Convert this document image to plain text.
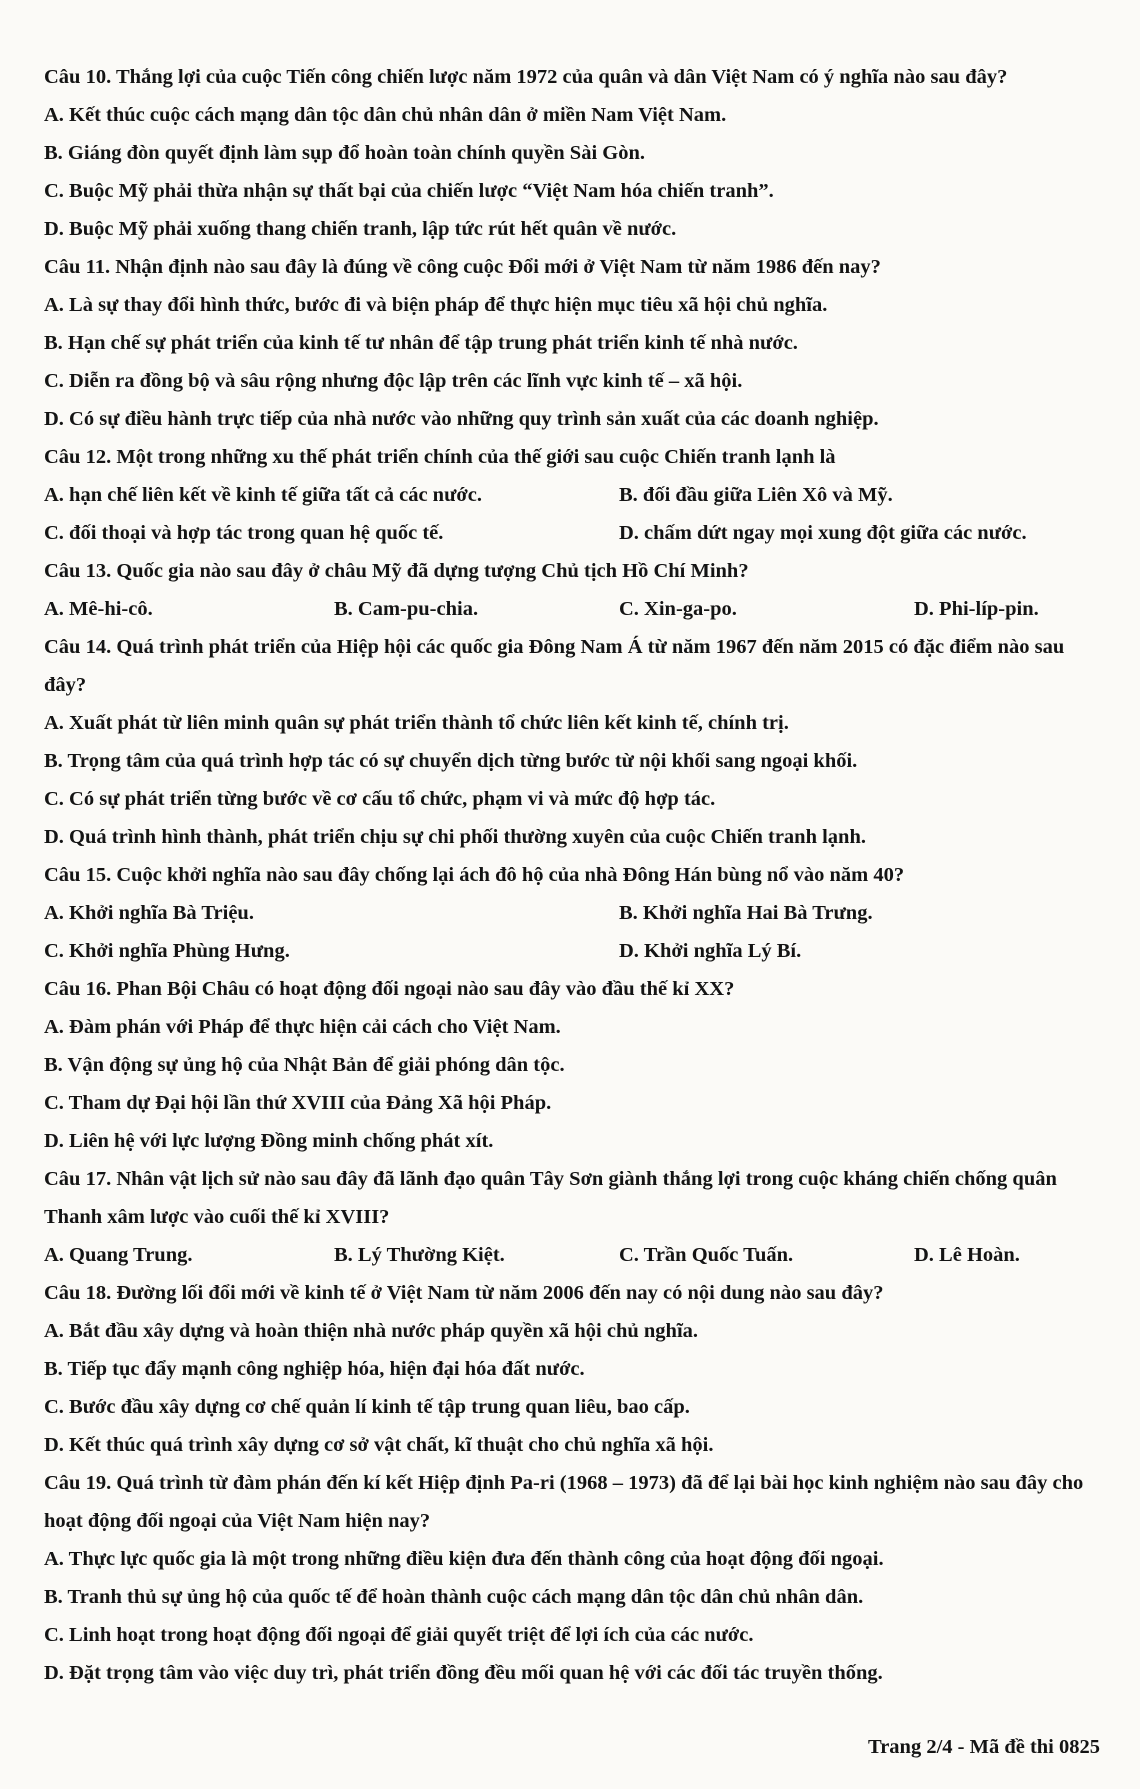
Câu 10. Thắng lợi của cuộc Tiến công chiến lược năm 1972 của quân và dân Việt Nam có ý nghĩa nào sau đây?
A. Kết thúc cuộc cách mạng dân tộc dân chủ nhân dân ở miền Nam Việt Nam.
B. Giáng đòn quyết định làm sụp đổ hoàn toàn chính quyền Sài Gòn.
C. Buộc Mỹ phải thừa nhận sự thất bại của chiến lược “Việt Nam hóa chiến tranh”.
D. Buộc Mỹ phải xuống thang chiến tranh, lập tức rút hết quân về nước.
Câu 11. Nhận định nào sau đây là đúng về công cuộc Đổi mới ở Việt Nam từ năm 1986 đến nay?
A. Là sự thay đổi hình thức, bước đi và biện pháp để thực hiện mục tiêu xã hội chủ nghĩa.
B. Hạn chế sự phát triển của kinh tế tư nhân để tập trung phát triển kinh tế nhà nước.
C. Diễn ra đồng bộ và sâu rộng nhưng độc lập trên các lĩnh vực kinh tế – xã hội.
D. Có sự điều hành trực tiếp của nhà nước vào những quy trình sản xuất của các doanh nghiệp.
Câu 12. Một trong những xu thế phát triển chính của thế giới sau cuộc Chiến tranh lạnh là
A. hạn chế liên kết về kinh tế giữa tất cả các nước.	B. đối đầu giữa Liên Xô và Mỹ.
C. đối thoại và hợp tác trong quan hệ quốc tế.	D. chấm dứt ngay mọi xung đột giữa các nước.
Câu 13. Quốc gia nào sau đây ở châu Mỹ đã dựng tượng Chủ tịch Hồ Chí Minh?
A. Mê-hi-cô.	B. Cam-pu-chia.	C. Xin-ga-po.	D. Phi-líp-pin.
Câu 14. Quá trình phát triển của Hiệp hội các quốc gia Đông Nam Á từ năm 1967 đến năm 2015 có đặc điểm nào sau đây?
A. Xuất phát từ liên minh quân sự phát triển thành tổ chức liên kết kinh tế, chính trị.
B. Trọng tâm của quá trình hợp tác có sự chuyển dịch từng bước từ nội khối sang ngoại khối.
C. Có sự phát triển từng bước về cơ cấu tổ chức, phạm vi và mức độ hợp tác.
D. Quá trình hình thành, phát triển chịu sự chi phối thường xuyên của cuộc Chiến tranh lạnh.
Câu 15. Cuộc khởi nghĩa nào sau đây chống lại ách đô hộ của nhà Đông Hán bùng nổ vào năm 40?
A. Khởi nghĩa Bà Triệu.	B. Khởi nghĩa Hai Bà Trưng.
C. Khởi nghĩa Phùng Hưng.	D. Khởi nghĩa Lý Bí.
Câu 16. Phan Bội Châu có hoạt động đối ngoại nào sau đây vào đầu thế kỉ XX?
A. Đàm phán với Pháp để thực hiện cải cách cho Việt Nam.
B. Vận động sự ủng hộ của Nhật Bản để giải phóng dân tộc.
C. Tham dự Đại hội lần thứ XVIII của Đảng Xã hội Pháp.
D. Liên hệ với lực lượng Đồng minh chống phát xít.
Câu 17. Nhân vật lịch sử nào sau đây đã lãnh đạo quân Tây Sơn giành thắng lợi trong cuộc kháng chiến chống quân Thanh xâm lược vào cuối thế kỉ XVIII?
A. Quang Trung.	B. Lý Thường Kiệt.	C. Trần Quốc Tuấn.	D. Lê Hoàn.
Câu 18. Đường lối đổi mới về kinh tế ở Việt Nam từ năm 2006 đến nay có nội dung nào sau đây?
A. Bắt đầu xây dựng và hoàn thiện nhà nước pháp quyền xã hội chủ nghĩa.
B. Tiếp tục đẩy mạnh công nghiệp hóa, hiện đại hóa đất nước.
C. Bước đầu xây dựng cơ chế quản lí kinh tế tập trung quan liêu, bao cấp.
D. Kết thúc quá trình xây dựng cơ sở vật chất, kĩ thuật cho chủ nghĩa xã hội.
Câu 19. Quá trình từ đàm phán đến kí kết Hiệp định Pa-ri (1968 – 1973) đã để lại bài học kinh nghiệm nào sau đây cho hoạt động đối ngoại của Việt Nam hiện nay?
A. Thực lực quốc gia là một trong những điều kiện đưa đến thành công của hoạt động đối ngoại.
B. Tranh thủ sự ủng hộ của quốc tế để hoàn thành cuộc cách mạng dân tộc dân chủ nhân dân.
C. Linh hoạt trong hoạt động đối ngoại để giải quyết triệt để lợi ích của các nước.
D. Đặt trọng tâm vào việc duy trì, phát triển đồng đều mối quan hệ với các đối tác truyền thống.
Trang 2/4 - Mã đề thi 0825
